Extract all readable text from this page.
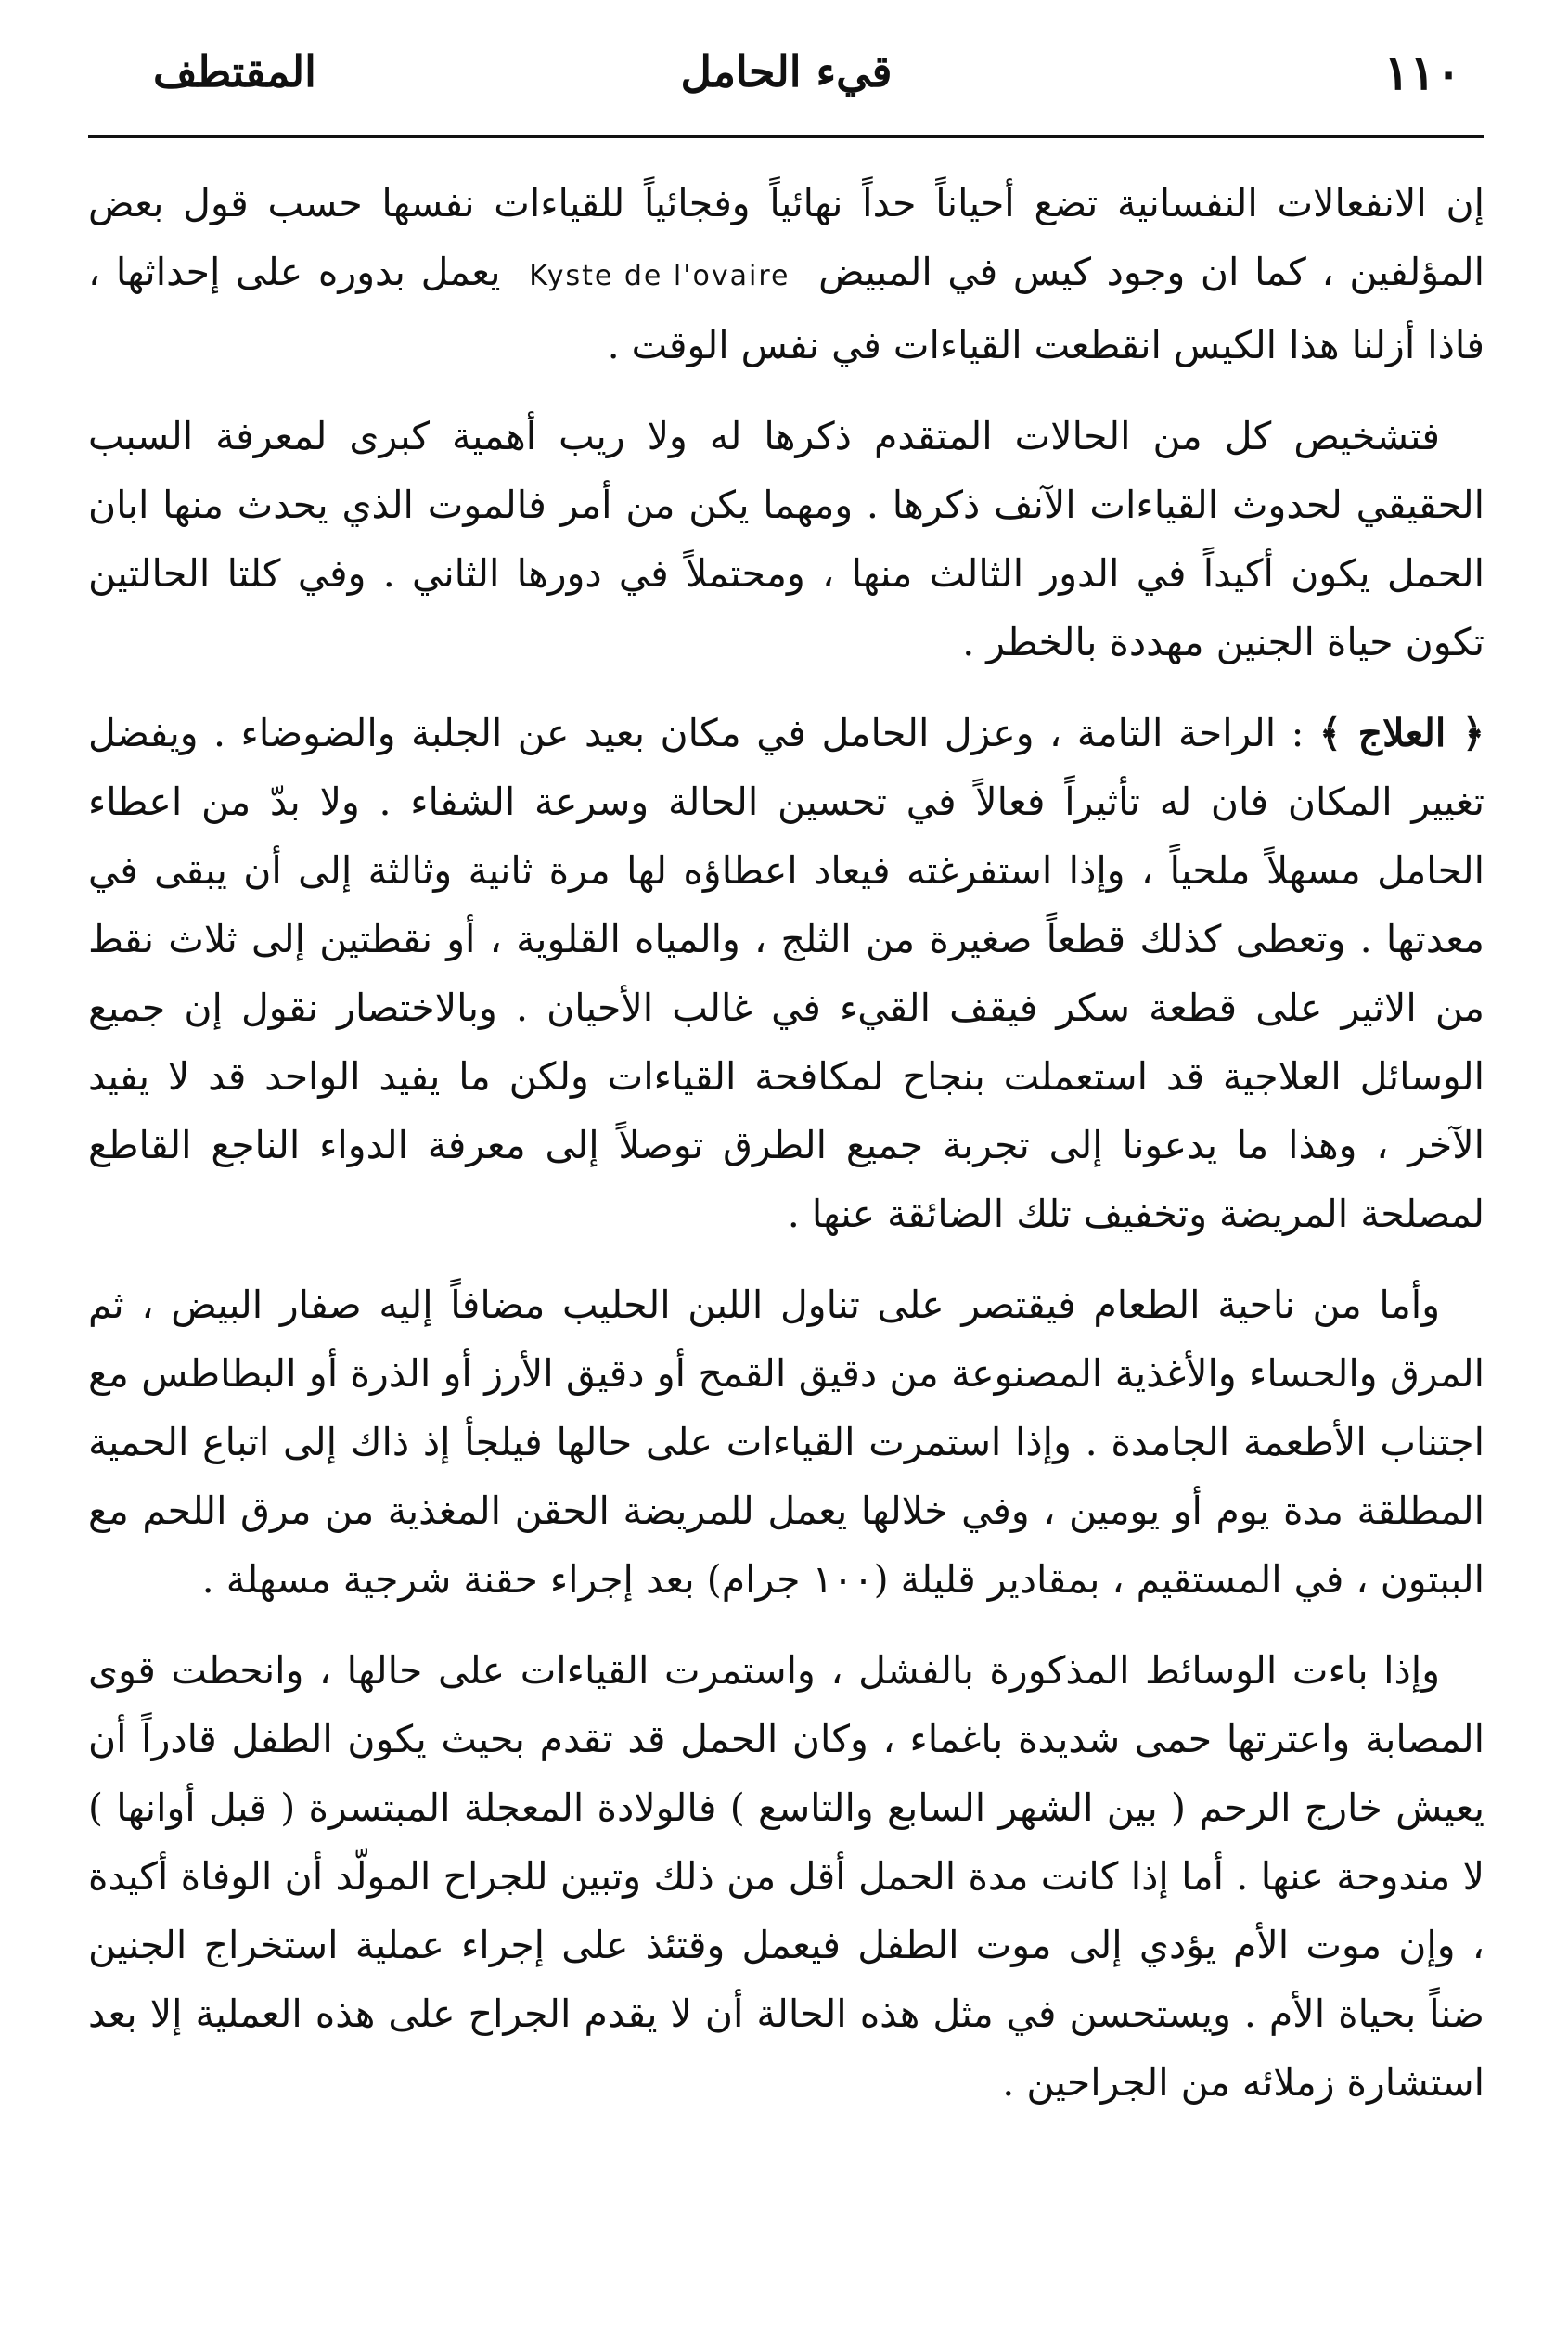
١١٠
قيء الحامل
المقتطف

إن الانفعالات النفسانية تضع أحياناً حداً نهائياً وفجائياً للقياءات نفسها حسب قول بعض المؤلفين ، كما ان وجود كيس في المبيض Kyste de l'ovaire يعمل بدوره على إحداثها ، فاذا أزلنا هذا الكيس انقطعت القياءات في نفس الوقت .

فتشخيص كل من الحالات المتقدم ذكرها له ولا ريب أهمية كبرى لمعرفة السبب الحقيقي لحدوث القياءات الآنف ذكرها . ومهما يكن من أمر فالموت الذي يحدث منها ابان الحمل يكون أكيداً في الدور الثالث منها ، ومحتملاً في دورها الثاني . وفي كلتا الحالتين تكون حياة الجنين مهددة بالخطر .

﴿ العلاج ﴾ : الراحة التامة ، وعزل الحامل في مكان بعيد عن الجلبة والضوضاء . ويفضل تغيير المكان فان له تأثيراً فعالاً في تحسين الحالة وسرعة الشفاء . ولا بدّ من اعطاء الحامل مسهلاً ملحياً ، وإذا استفرغته فيعاد اعطاؤه لها مرة ثانية وثالثة إلى أن يبقى في معدتها . وتعطى كذلك قطعاً صغيرة من الثلج ، والمياه القلوية ، أو نقطتين إلى ثلاث نقط من الاثير على قطعة سكر فيقف القيء في غالب الأحيان . وبالاختصار نقول إن جميع الوسائل العلاجية قد استعملت بنجاح لمكافحة القياءات ولكن ما يفيد الواحد قد لا يفيد الآخر ، وهذا ما يدعونا إلى تجربة جميع الطرق توصلاً إلى معرفة الدواء الناجع القاطع لمصلحة المريضة وتخفيف تلك الضائقة عنها .

وأما من ناحية الطعام فيقتصر على تناول اللبن الحليب مضافاً إليه صفار البيض ، ثم المرق والحساء والأغذية المصنوعة من دقيق القمح أو دقيق الأرز أو الذرة أو البطاطس مع اجتناب الأطعمة الجامدة . وإذا استمرت القياءات على حالها فيلجأ إذ ذاك إلى اتباع الحمية المطلقة مدة يوم أو يومين ، وفي خلالها يعمل للمريضة الحقن المغذية من مرق اللحم مع الببتون ، في المستقيم ، بمقادير قليلة (١٠٠ جرام) بعد إجراء حقنة شرجية مسهلة .

وإذا باءت الوسائط المذكورة بالفشل ، واستمرت القياءات على حالها ، وانحطت قوى المصابة واعترتها حمى شديدة باغماء ، وكان الحمل قد تقدم بحيث يكون الطفل قادراً أن يعيش خارج الرحم ( بين الشهر السابع والتاسع ) فالولادة المعجلة المبتسرة ( قبل أوانها ) لا مندوحة عنها . أما إذا كانت مدة الحمل أقل من ذلك وتبين للجراح المولّد أن الوفاة أكيدة ، وإن موت الأم يؤدي إلى موت الطفل فيعمل وقتئذ على إجراء عملية استخراج الجنين ضناً بحياة الأم . ويستحسن في مثل هذه الحالة أن لا يقدم الجراح على هذه العملية إلا بعد استشارة زملائه من الجراحين .
